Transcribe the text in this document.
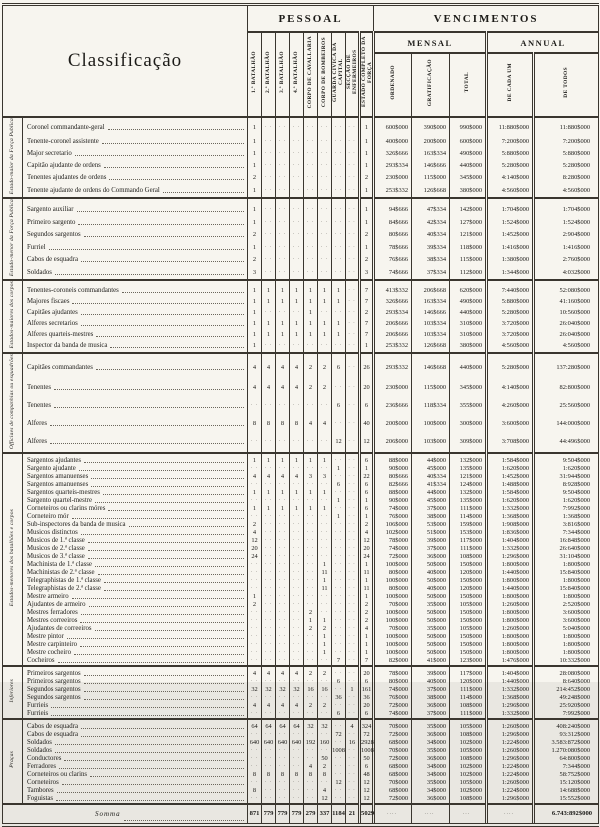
Classificação		PESSOAL									VENCIMENTOS				
		1.º BATALHÃO	2.º BATALHÃO	3.º BATALHÃO	4.º BATALHÃO	CORPO DE CAVALLARIA	CORPO DE BOMBEIROS	GUARDA CIVICA DA CAPITAL	SECÇÃO DE ENFERMEIROS	ESTADO COMPLETO DA FORÇA	MENSAL			ANNUAL	
											ORDENADO	GRATIFICAÇÃO	TOTAL	DE CADA UM	DE TODOS
Estado-maior da Força Publica	Coronel commandante-geral	1	· ·	· ·	· ·	· ·	· ·	· ·	· ·	1	600$000	390$000	990$000	11:880$000	11:880$000

	Tenente-coronel assistente	1	· ·	· ·	· ·	· ·	· ·	· ·	· ·	1	400$000	200$000	600$000	7:200$000	7:200$000

	Major secretario	1	· ·	· ·	· ·	· ·	· ·	· ·	· ·	1	326$666	163$334	490$000	5:880$000	5:880$000

	Capitão ajudante de ordens	1	· ·	· ·	· ·	· ·	· ·	· ·	· ·	1	293$334	146$666	440$000	5:280$000	5:280$000

	Tenentes ajudantes de ordens	2	· ·	· ·	· ·	· ·	· ·	· ·	· ·	2	230$000	115$000	345$000	4:140$000	8:280$000

	Tenente ajudante de ordens do Commando Geral	1	· ·	· ·	· ·	· ·	· ·	· ·	· ·	1	253$332	126$668	380$000	4:560$000	4:560$000
Estado-menor da Força Publica	Sargento auxiliar	1	· ·	· ·	· ·	· ·	· ·	· ·	· ·	1	94$666	47$334	142$000	1:704$000	1:704$000

	Primeiro sargento	1	· ·	· ·	· ·	· ·	· ·	· ·	· ·	1	84$666	42$334	127$000	1:524$000	1:524$000

	Segundos sargentos	2	· ·	· ·	· ·	· ·	· ·	· ·	· ·	2	80$666	40$334	121$000	1:452$000	2:904$000

	Furriel	1	· ·	· ·	· ·	· ·	· ·	· ·	· ·	1	78$666	39$334	118$000	1:416$000	1:416$000

	Cabos de esquadra	2	· ·	· ·	· ·	· ·	· ·	· ·	· ·	2	76$666	38$334	115$000	1:380$000	2:760$000

	Soldados	3	· ·	· ·	· ·	· ·	· ·	· ·	· ·	3	74$666	37$334	112$000	1:344$000	4:032$000
Estados-maiores dos corpos	Tenentes-coroneis commandantes	1	1	1	1	1	1	1	· ·	7	413$332	206$668	620$000	7:440$000	52:080$000

	Majores fiscaes	1	1	1	1	1	1	1	· ·	7	326$666	163$334	490$000	5:880$000	41:160$000

	Capitães ajudantes	1	· ·	· ·	· ·	1	· ·	· ·	· ·	2	293$334	146$666	440$000	5:280$000	10:560$000

	Alferes secretarios	1	1	1	1	1	1	1	· ·	7	206$666	103$334	310$000	3:720$000	26:040$000

	Alferes quarteis-mestres	1	1	1	1	1	1	1	· ·	7	206$666	103$334	310$000	3:720$000	26:040$000

	Inspector da banda de musica	1	· ·	· ·	· ·	· ·	· ·	· ·	· ·	1	253$332	126$668	380$000	4:560$000	4:560$000
Officiaes de companhias ou esquadrões	Capitães commandantes	4	4	4	4	2	2	6	· ·	26	293$332	146$668	440$000	5:280$000	137:280$000

	Tenentes	4	4	4	4	2	2	· ·	· ·	20	230$000	115$000	345$000	4:140$000	82:800$000

	Tenentes	· ·	· ·	· ·	· ·	· ·	· ·	6	· ·	6	236$666	118$334	355$000	4:260$000	25:560$000

	Alferes	8	8	8	8	4	4	· ·	· ·	40	200$000	100$000	300$000	3:600$000	144:000$000

	Alferes	· ·	· ·	· ·	· ·	· ·	· ·	12	· ·	12	206$000	103$000	309$000	3:708$000	44:496$000
Estados-menores dos batalhões e corpos	Sargentos ajudantes	1	1	1	1	1	1	· ·	· ·	6	88$000	44$000	132$000	1:584$000	9:504$000

	Sargento ajudante	· ·	· ·	· ·	· ·	· ·	· ·	1	· ·	1	90$000	45$000	135$000	1:620$000	1:620$000

	Sargentos amanuenses	4	4	4	4	3	3	· ·	· ·	22	80$666	40$334	121$000	1:452$000	31:944$000

	Sargentos amanuenses	· ·	· ·	· ·	· ·	· ·	· ·	6	· ·	6	82$666	41$334	124$000	1:488$000	8:928$000

	Sargentos quarteis-mestres	1	1	1	1	1	1	· ·	· ·	6	88$000	44$000	132$000	1:584$000	9:504$000

	Sargento quartel-mestre	· ·	· ·	· ·	· ·	· ·	· ·	1	· ·	1	90$000	45$000	135$000	1:620$000	1:620$000

	Corneteiros ou clarins móres	1	1	1	1	1	1	· ·	· ·	6	74$000	37$000	111$000	1:332$000	7:992$000

	Corneteiro mór	· ·	· ·	· ·	· ·	· ·	· ·	1	· ·	1	76$000	38$000	114$000	1:368$000	1:368$000

	Sub-inspectores da banda de musica	2	· ·	· ·	· ·	· ·	· ·	· ·	· ·	2	106$000	53$000	159$000	1:908$000	3:816$000

	Musicos distinctos	4	· ·	· ·	· ·	· ·	· ·	· ·	· ·	4	102$000	51$000	153$000	1:836$000	7:344$000

	Musicos de 1.ª classe	12	· ·	· ·	· ·	· ·	· ·	· ·	· ·	12	78$000	39$000	117$000	1:404$000	16:848$000

	Musicos de 2.ª classe	20	· ·	· ·	· ·	· ·	· ·	· ·	· ·	20	74$000	37$000	111$000	1:332$000	26:640$000

	Musicos de 3.ª classe	24	· ·	· ·	· ·	· ·	· ·	· ·	· ·	24	72$000	36$000	108$000	1:296$000	31:104$000

	Machinista de 1.ª classe	· ·	· ·	· ·	· ·	· ·	1	· ·	· ·	1	100$000	50$000	150$000	1:800$000	1:800$000

	Machinistas de 2.ª classe	· ·	· ·	· ·	· ·	· ·	11	· ·	· ·	11	80$000	40$000	120$000	1:440$000	15:840$000

	Telegraphistas de 1.ª classe	· ·	· ·	· ·	· ·	· ·	1	· ·	· ·	1	100$000	50$000	150$000	1:800$000	1:800$000

	Telegraphistas de 2.ª classe	· ·	· ·	· ·	· ·	· ·	11	· ·	· ·	11	80$000	40$000	120$000	1:440$000	15:840$000

	Mestre armeiro	1	· ·	· ·	· ·	· ·	· ·	· ·	· ·	1	100$000	50$000	150$000	1:800$000	1:800$000

	Ajudantes de armeiro	2	· ·	· ·	· ·	· ·	· ·	· ·	· ·	2	70$000	35$000	105$000	1:260$000	2:520$000

	Mestres ferradores	· ·	· ·	· ·	· ·	2	· ·	· ·	· ·	2	100$000	50$000	150$000	1:800$000	3:600$000

	Mestres correeiros	· ·	· ·	· ·	· ·	1	1	· ·	· ·	2	100$000	50$000	150$000	1:800$000	3:600$000

	Ajudantes de correeiros	· ·	· ·	· ·	· ·	2	2	· ·	· ·	4	70$000	35$000	105$000	1:260$000	5:040$000

	Mestre pintor	· ·	· ·	· ·	· ·	· ·	1	· ·	· ·	1	100$000	50$000	150$000	1:800$000	1:800$000

	Mestre carpinteiro	· ·	· ·	· ·	· ·	· ·	1	· ·	· ·	1	100$000	50$000	150$000	1:800$000	1:800$000

	Mestre cocheiro	· ·	· ·	· ·	· ·	· ·	1	· ·	· ·	1	100$000	50$000	150$000	1:800$000	1:800$000

	Cocheiros	· ·	· ·	· ·	· ·	· ·	· ·	7	· ·	7	82$000	41$000	123$000	1:476$000	10:332$000
Inferiores	Primeiros sargentos	4	4	4	4	2	2	· ·	· ·	20	78$000	39$000	117$000	1:404$000	28:080$000

	Primeiros sargentos	· ·	· ·	· ·	· ·	· ·	· ·	6	· ·	6	80$000	40$000	120$000	1:440$000	8:640$000

	Segundos sargentos	32	32	32	32	16	16	· ·	1	161	74$000	37$000	111$000	1:332$000	214:452$000

	Segundos sargentos	· ·	· ·	· ·	· ·	· ·	· ·	36	· ·	36	76$000	38$000	114$000	1:368$000	49:248$000

	Furrieis	4	4	4	4	2	2	· ·	· ·	20	72$000	36$000	108$000	1:296$000	25:920$000

	Furrieis	· ·	· ·	· ·	· ·	· ·	· ·	6	· ·	6	74$000	37$000	111$000	1:332$000	7:992$000
Praças	Cabos de esquadra	64	64	64	64	32	32	· ·	4	324	70$000	35$000	105$000	1:260$000	408:240$000

	Cabos de esquadra	· ·	· ·	· ·	· ·	· ·	· ·	72	· ·	72	72$000	36$000	108$000	1:296$000	93:312$000

	Soldados	640	640	640	640	192	160	· ·	16	2928	68$000	34$000	102$000	1:224$000	3.583:872$000

	Soldados	· ·	· ·	· ·	· ·	· ·	· ·	1008	· ·	1008	70$000	35$000	105$000	1:260$000	1.270:080$000

	Conductores	· ·	· ·	· ·	· ·	· ·	50	· ·	· ·	50	72$000	36$000	108$000	1:296$000	64:800$000

	Ferradores	· ·	· ·	· ·	· ·	4	2	· ·	· ·	6	68$000	34$000	102$000	1:224$000	7:344$000

	Corneteiros ou clarins	8	8	8	8	8	8	· ·	· ·	48	68$000	34$000	102$000	1:224$000	58:752$000

	Corneteiros	· ·	· ·	· ·	· ·	· ·	· ·	12	· ·	12	70$000	35$000	105$000	1:260$000	15:120$000

	Tambores	8	· ·	· ·	· ·	· ·	4	· ·	· ·	12	68$000	34$000	102$000	1:224$000	14:688$000

	Foguistas	· ·	· ·	· ·	· ·	· ·	12	· ·	· ·	12	72$000	36$000	108$000	1:296$000	15:552$000

Somma		871	779	779	779	279	337	1184	21	5029	. . . .	. . . .	. . .	. . . .	6.743:892$000
